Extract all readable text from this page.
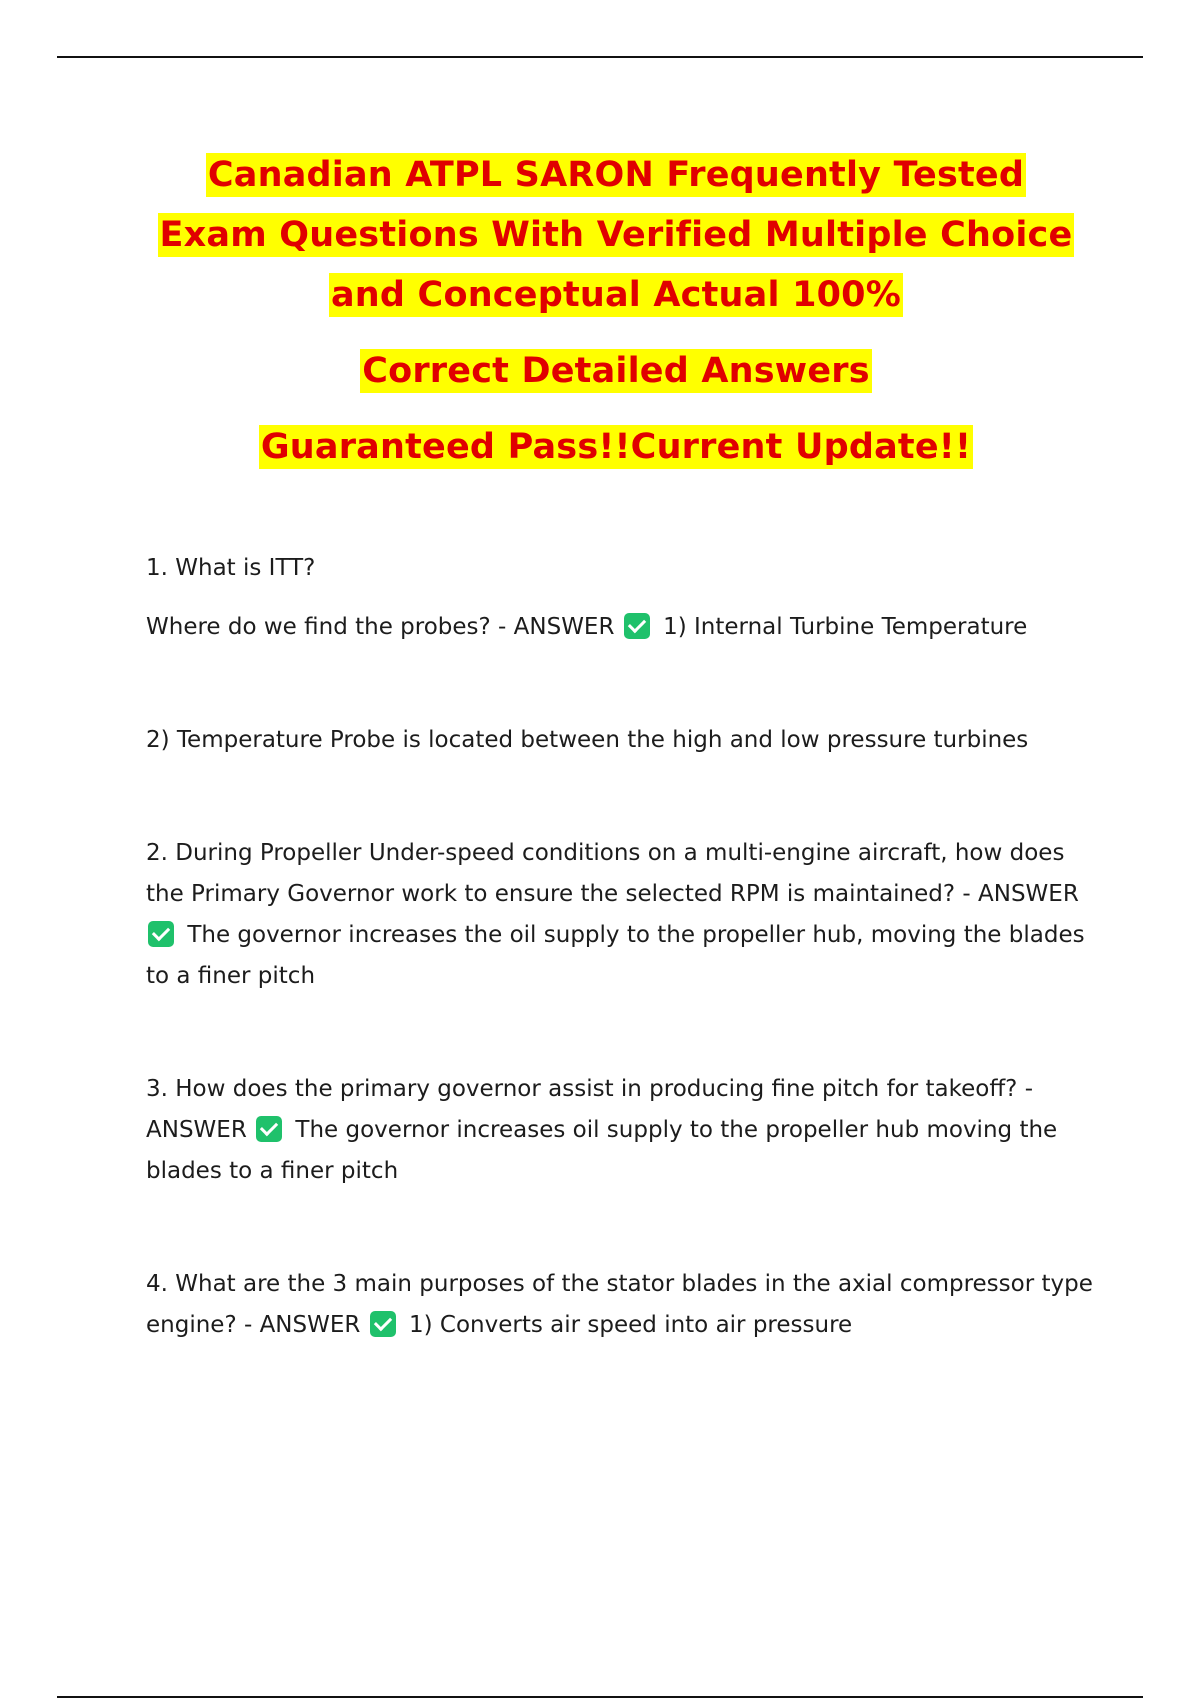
Canadian ATPL SARON Frequently Tested
Exam Questions With Verified Multiple Choice
and Conceptual Actual 100%
Correct Detailed Answers
Guaranteed Pass!!Current Update!!
1. What is ITT?
Where do we find the probes? - ANSWER 1) Internal Turbine Temperature
2) Temperature Probe is located between the high and low pressure turbines
2. During Propeller Under-speed conditions on a multi-engine aircraft, how does the Primary Governor work to ensure the selected RPM is maintained? - ANSWER  The governor increases the oil supply to the propeller hub, moving the blades to a finer pitch
3. How does the primary governor assist in producing fine pitch for takeoff? - ANSWER The governor increases oil supply to the propeller hub moving the blades to a finer pitch
4. What are the 3 main purposes of the stator blades in the axial compressor type engine? - ANSWER 1) Converts air speed into air pressure
